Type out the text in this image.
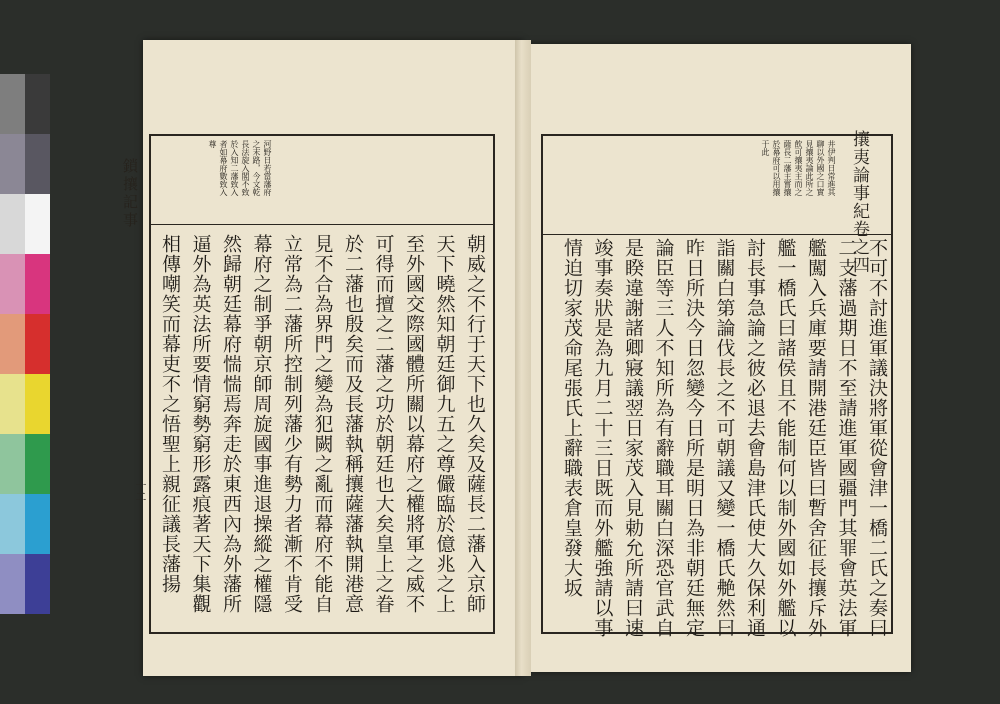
鎖攘記事
十二
河野日若當藩府
之末路，今文乾
長法旋入閣不致
於入知二藩致入
者如幕府數致入
尊
朝威之不行于天下也久矣及薩長二藩入京師
天下曉然知朝廷御九五之尊儼臨於億兆之上
至外國交際國體所關以幕府之權將軍之威不
可得而擅之二藩之功於朝廷也大矣皇上之眷
於二藩也殷矣而及長藩執稱攘薩藩執開港意
見不合為界門之變為犯闕之亂而幕府不能自
立常為二藩所控制列藩少有勢力者漸不肯受
幕府之制爭朝京師周旋國事進退操縱之權隱
然歸朝廷幕府惴惴焉奔走於東西內為外藩所
逼外為英法所要情窮勢窮形露痕著天下集觀
相傳嘲笑而幕吏不之悟聖上親征議長藩揚
攘夷論事紀卷之四
井伊判日常進其
聊以外國之口實
見攘夷論此所之
飲可攘夷主而之
薩長二藩主嘗攘
於幕府可以用攘
于此
不可不討進軍議決將軍從會津一橋二氏之奏曰
二支藩過期日不至請進軍國疆門其罪會英法軍
艦闖入兵庫要請開港廷臣皆曰暫舍征長攘斥外
艦一橋氏曰諸侯且不能制何以制外國如外艦以
討長事急論之彼必退去會島津氏使大久保利通
詣關白第論伐長之不可朝議又變一橋氏艴然曰
昨日所決今日忽變今日所是明日為非朝廷無定
論臣等三人不知所為有辭職耳關白深恐官武自
是睽違謝諸卿寢議翌日家茂入見勅允所請曰速
竣事奏狀是為九月二十三日既而外艦強請以事
情迫切家茂命尾張氏上辭職表倉皇發大坂
